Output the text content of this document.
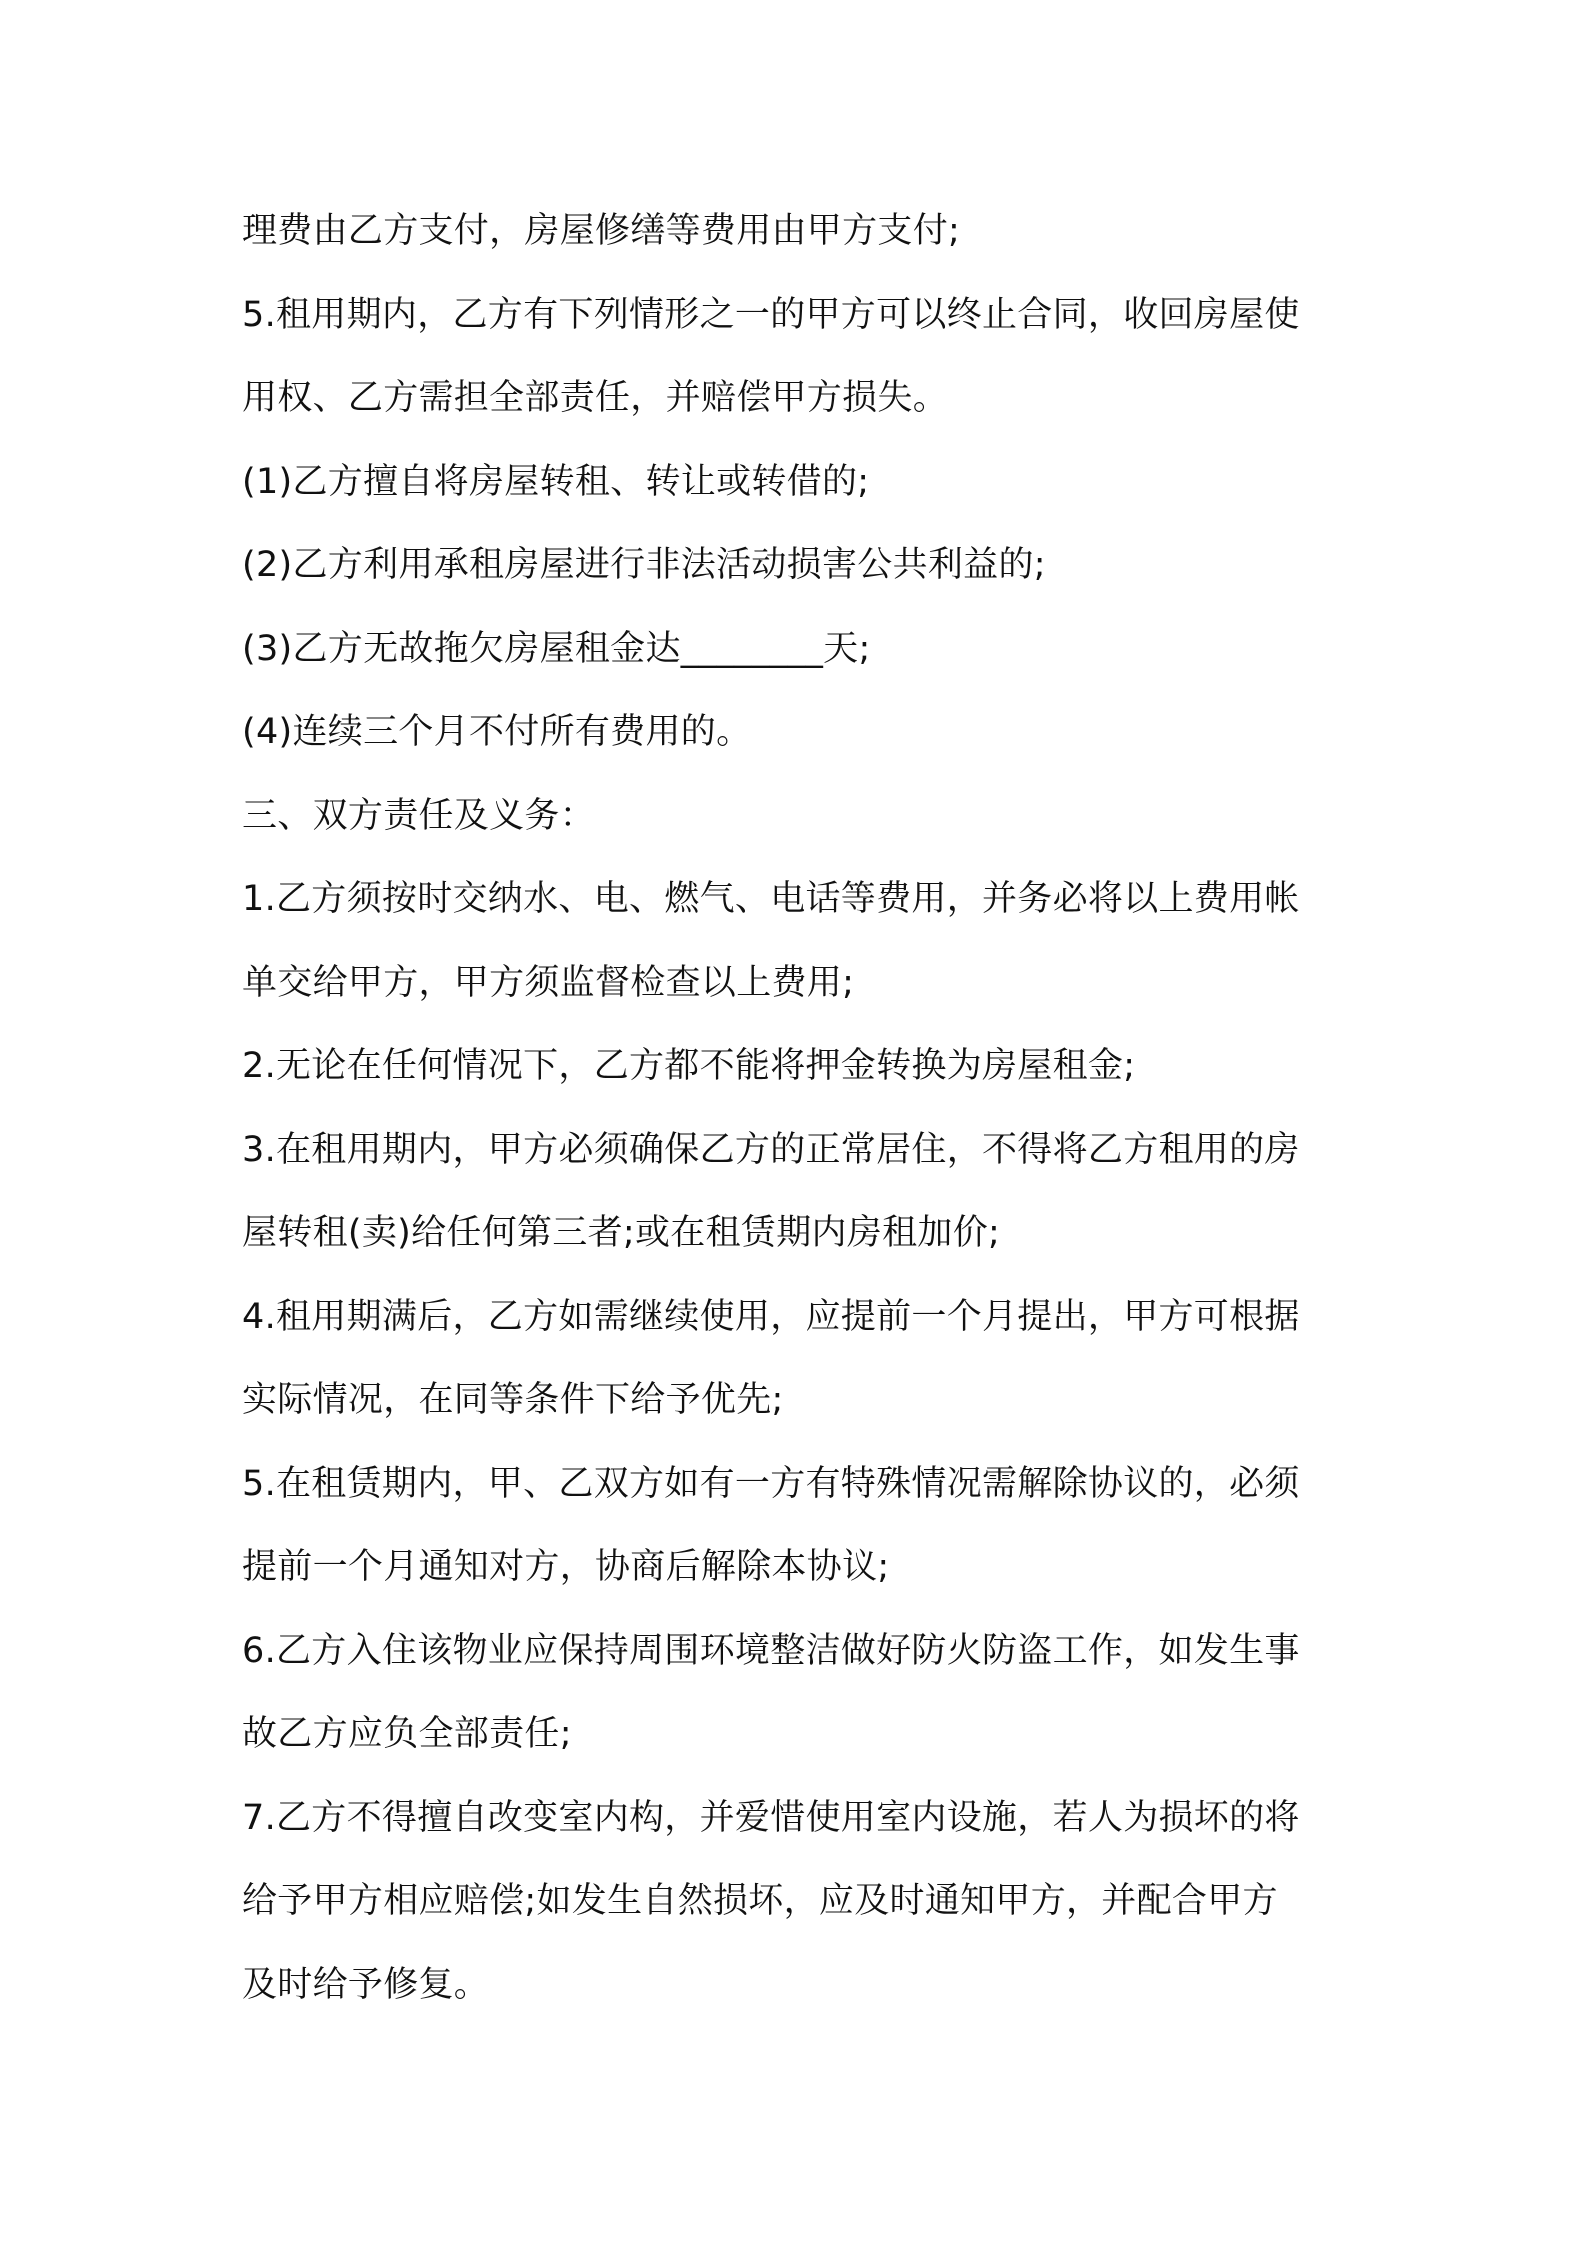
理费由乙方支付，房屋修缮等费用由甲方支付;
5.租用期内，乙方有下列情形之一的甲方可以终止合同，收回房屋使
用权、乙方需担全部责任，并赔偿甲方损失。
(1)乙方擅自将房屋转租、转让或转借的;
(2)乙方利用承租房屋进行非法活动损害公共利益的;
(3)乙方无故拖欠房屋租金达________天;
(4)连续三个月不付所有费用的。
三、双方责任及义务：
1.乙方须按时交纳水、电、燃气、电话等费用，并务必将以上费用帐
单交给甲方，甲方须监督检查以上费用;
2.无论在任何情况下，乙方都不能将押金转换为房屋租金;
3.在租用期内，甲方必须确保乙方的正常居住，不得将乙方租用的房
屋转租(卖)给任何第三者;或在租赁期内房租加价;
4.租用期满后，乙方如需继续使用，应提前一个月提出，甲方可根据
实际情况，在同等条件下给予优先;
5.在租赁期内，甲、乙双方如有一方有特殊情况需解除协议的，必须
提前一个月通知对方，协商后解除本协议;
6.乙方入住该物业应保持周围环境整洁做好防火防盗工作，如发生事
故乙方应负全部责任;
7.乙方不得擅自改变室内构，并爱惜使用室内设施，若人为损坏的将
给予甲方相应赔偿;如发生自然损坏，应及时通知甲方，并配合甲方
及时给予修复。
